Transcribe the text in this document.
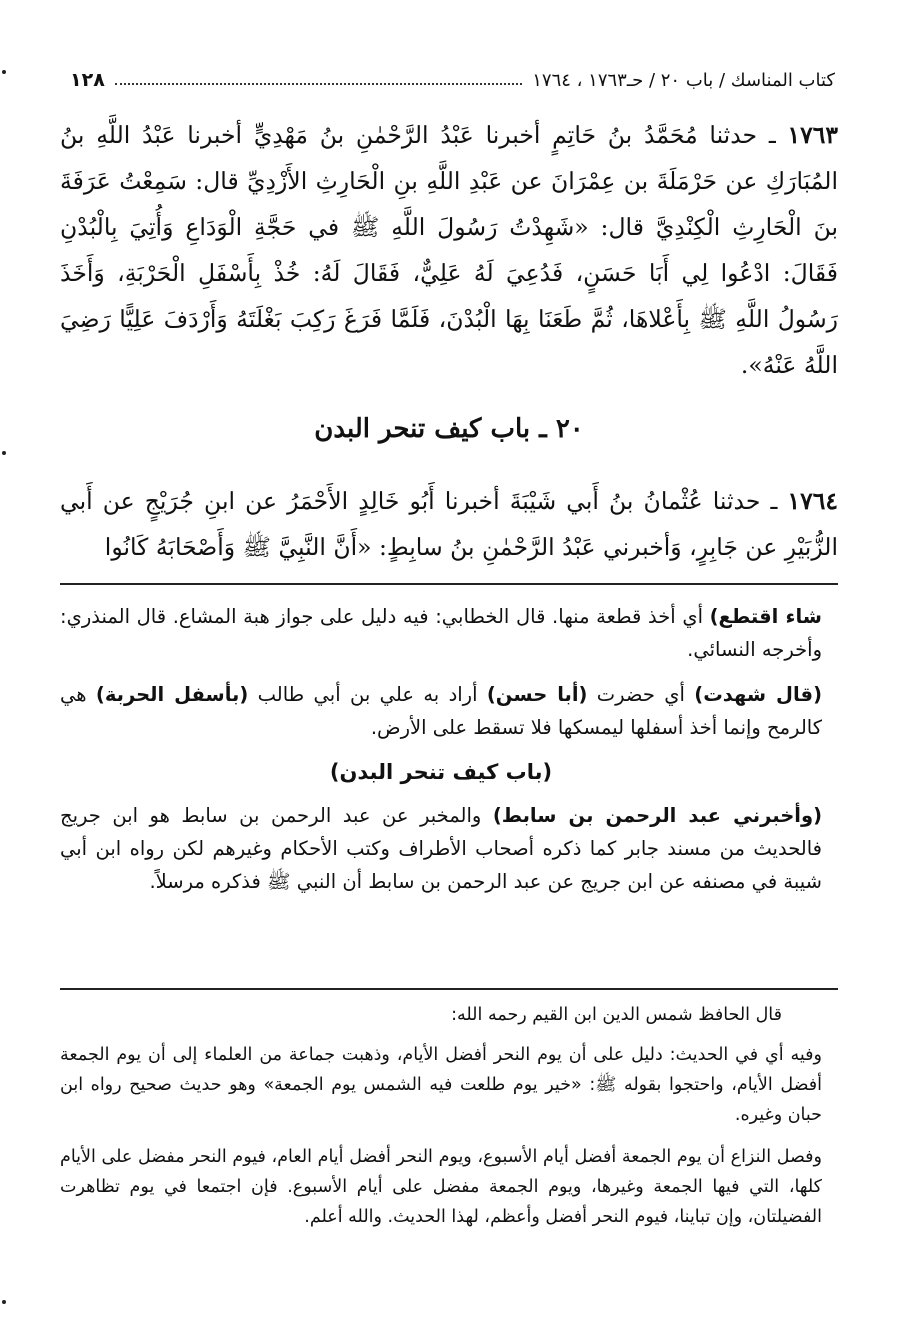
١٢٨	كتاب المناسك / باب ٢٠ / حـ١٧٦٣ ، ١٧٦٤

١٧٦٣ ـ حدثنا مُحَمَّدُ بنُ حَاتِمٍ أخبرنا عَبْدُ الرَّحْمٰنِ بنُ مَهْدِيٍّ أخبرنا عَبْدُ اللَّهِ بنُ المُبَارَكِ عن حَرْمَلَةَ بن عِمْرَانَ عن عَبْدِ اللَّهِ بنِ الْحَارِثِ الأَزْدِيِّ قال: سَمِعْتُ عَرَفَةَ بنَ الْحَارِثِ الْكِنْدِيَّ قال: «شَهِدْتُ رَسُولَ اللَّهِ ﷺ في حَجَّةِ الْوَدَاعِ وَأُتِيَ بِالْبُدْنِ فَقَالَ: ادْعُوا لِي أَبَا حَسَنٍ، فَدُعِيَ لَهُ عَلِيٌّ، فَقَالَ لَهُ: خُذْ بِأَسْفَلِ الْحَرْبَةِ، وَأَخَذَ رَسُولُ اللَّهِ ﷺ بِأَعْلاهَا، ثُمَّ طَعَنَا بِهَا الْبُدْنَ، فَلَمَّا فَرَغَ رَكِبَ بَغْلَتَهُ وَأَرْدَفَ عَلِيًّا رَضِيَ اللَّهُ عَنْهُ».

٢٠ ـ باب كيف تنحر البدن

١٧٦٤ ـ حدثنا عُثْمانُ بنُ أَبي شَيْبَةَ أخبرنا أَبُو خَالِدٍ الأَحْمَرُ عن ابنِ جُرَيْجٍ عن أَبي الزُّبَيْرِ عن جَابِرٍ، وَأخبرني عَبْدُ الرَّحْمٰنِ بنُ سابِطٍ: «أَنَّ النَّبِيَّ ﷺ وَأَصْحَابَهُ كَانُوا

شاء اقتطع) أي أخذ قطعة منها. قال الخطابي: فيه دليل على جواز هبة المشاع. قال المنذري: وأخرجه النسائي.

(قال شهدت) أي حضرت (أبا حسن) أراد به علي بن أبي طالب (بأسفل الحربة) هي كالرمح وإنما أخذ أسفلها ليمسكها فلا تسقط على الأرض.

(باب كيف تنحر البدن)

(وأخبرني عبد الرحمن بن سابط) والمخبر عن عبد الرحمن بن سابط هو ابن جريج فالحديث من مسند جابر كما ذكره أصحاب الأطراف وكتب الأحكام وغيرهم لكن رواه ابن أبي شيبة في مصنفه عن ابن جريج عن عبد الرحمن بن سابط أن النبي ﷺ فذكره مرسلاً.

قال الحافظ شمس الدين ابن القيم رحمه الله:

وفيه أي في الحديث: دليل على أن يوم النحر أفضل الأيام، وذهبت جماعة من العلماء إلى أن يوم الجمعة أفضل الأيام، واحتجوا بقوله ﷺ: «خير يوم طلعت فيه الشمس يوم الجمعة» وهو حديث صحيح رواه ابن حبان وغيره.

وفصل النزاع أن يوم الجمعة أفضل أيام الأسبوع، ويوم النحر أفضل أيام العام، فيوم النحر مفضل على الأيام كلها، التي فيها الجمعة وغيرها، ويوم الجمعة مفضل على أيام الأسبوع. فإن اجتمعا في يوم تظاهرت الفضيلتان، وإن تباينا، فيوم النحر أفضل وأعظم، لهذا الحديث. والله أعلم.
